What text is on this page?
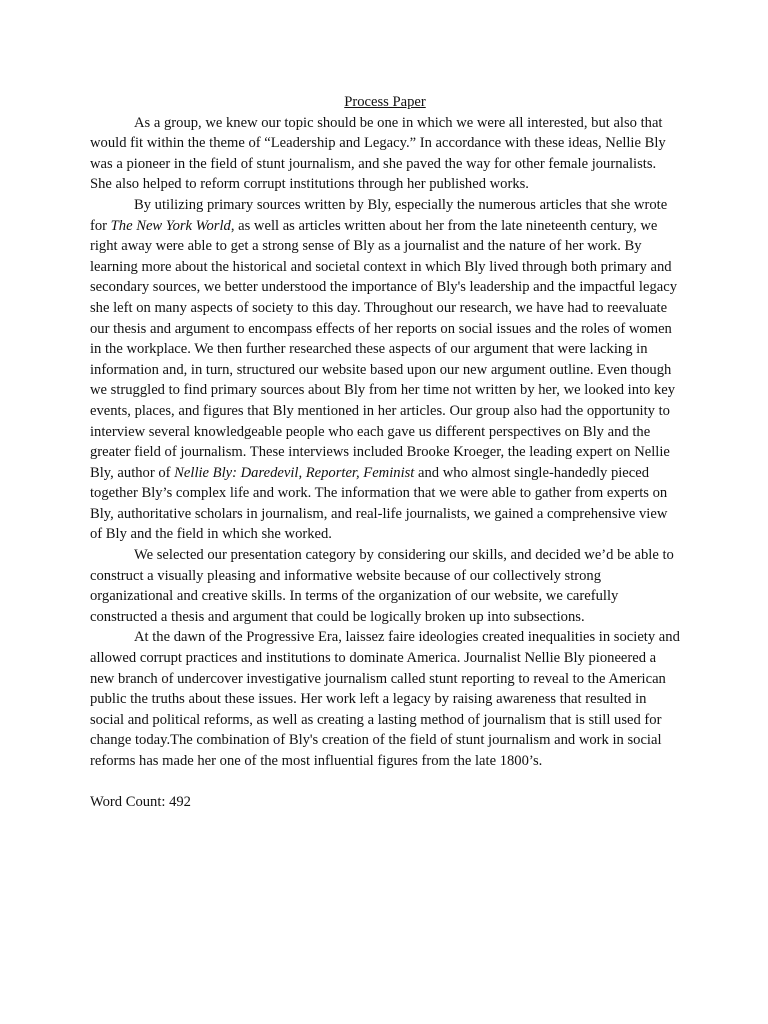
Process Paper

As a group, we knew our topic should be one in which we were all interested, but also that would fit within the theme of “Leadership and Legacy.” In accordance with these ideas, Nellie Bly was a pioneer in the field of stunt journalism, and she paved the way for other female journalists. She also helped to reform corrupt institutions through her published works.

By utilizing primary sources written by Bly, especially the numerous articles that she wrote for The New York World, as well as articles written about her from the late nineteenth century, we right away were able to get a strong sense of Bly as a journalist and the nature of her work. By learning more about the historical and societal context in which Bly lived through both primary and secondary sources, we better understood the importance of Bly's leadership and the impactful legacy she left on many aspects of society to this day. Throughout our research, we have had to reevaluate our thesis and argument to encompass effects of her reports on social issues and the roles of women in the workplace. We then further researched these aspects of our argument that were lacking in information and, in turn, structured our website based upon our new argument outline. Even though we struggled to find primary sources about Bly from her time not written by her, we looked into key events, places, and figures that Bly mentioned in her articles. Our group also had the opportunity to interview several knowledgeable people who each gave us different perspectives on Bly and the greater field of journalism. These interviews included Brooke Kroeger, the leading expert on Nellie Bly, author of Nellie Bly: Daredevil, Reporter, Feminist and who almost single-handedly pieced together Bly’s complex life and work. The information that we were able to gather from experts on Bly, authoritative scholars in journalism, and real-life journalists, we gained a comprehensive view of Bly and the field in which she worked.

We selected our presentation category by considering our skills, and decided we’d be able to construct a visually pleasing and informative website because of our collectively strong organizational and creative skills. In terms of the organization of our website, we carefully constructed a thesis and argument that could be logically broken up into subsections.

At the dawn of the Progressive Era, laissez faire ideologies created inequalities in society and allowed corrupt practices and institutions to dominate America. Journalist Nellie Bly pioneered a new branch of undercover investigative journalism called stunt reporting to reveal to the American public the truths about these issues. Her work left a legacy by raising awareness that resulted in social and political reforms, as well as creating a lasting method of journalism that is still used for change today.The combination of Bly's creation of the field of stunt journalism and work in social reforms has made her one of the most influential figures from the late 1800’s.

Word Count: 492
